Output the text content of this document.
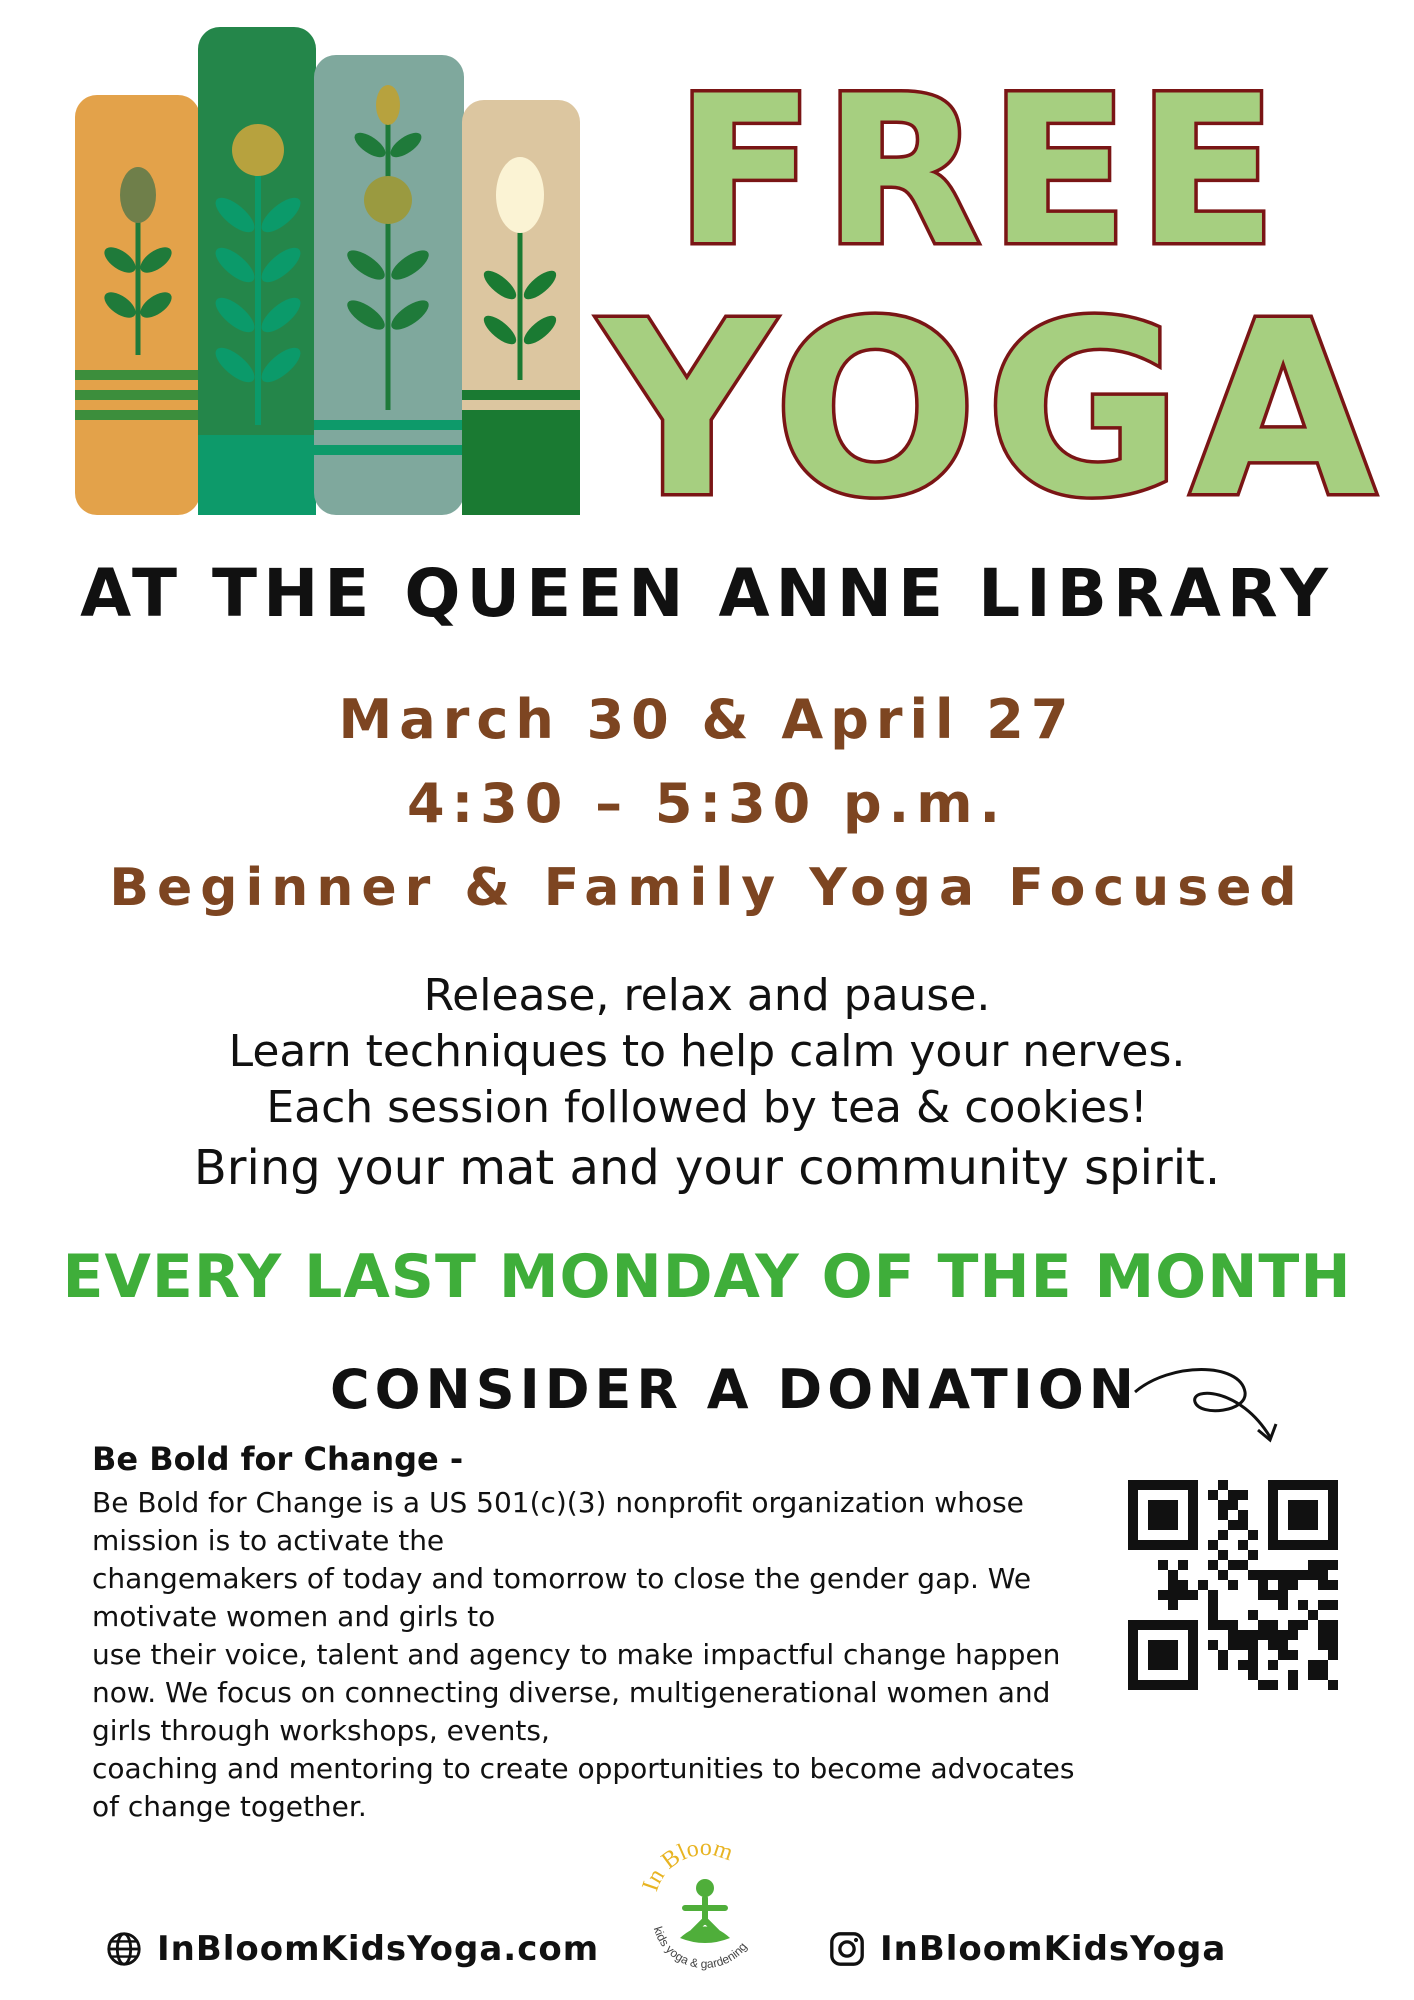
FREE
YOGA
AT THE QUEEN ANNE LIBRARY
March 30 & April 27
4:30 – 5:30 p.m.
Beginner & Family Yoga Focused
Release, relax and pause.
Learn techniques to help calm your nerves.
Each session followed by tea & cookies!
Bring your mat and your community spirit.
EVERY LAST MONDAY OF THE MONTH
CONSIDER A DONATION
Be Bold for Change -
Be Bold for Change is a US 501(c)(3) nonprofit organization whose
mission is to activate the
changemakers of today and tomorrow to close the gender gap. We
motivate women and girls to
use their voice, talent and agency to make impactful change happen
now. We focus on connecting diverse, multigenerational women and
girls through workshops, events,
coaching and mentoring to create opportunities to become advocates
of change together.
InBloomKidsYoga.com
In Bloom
kids yoga & gardening	InBloomKidsYoga
